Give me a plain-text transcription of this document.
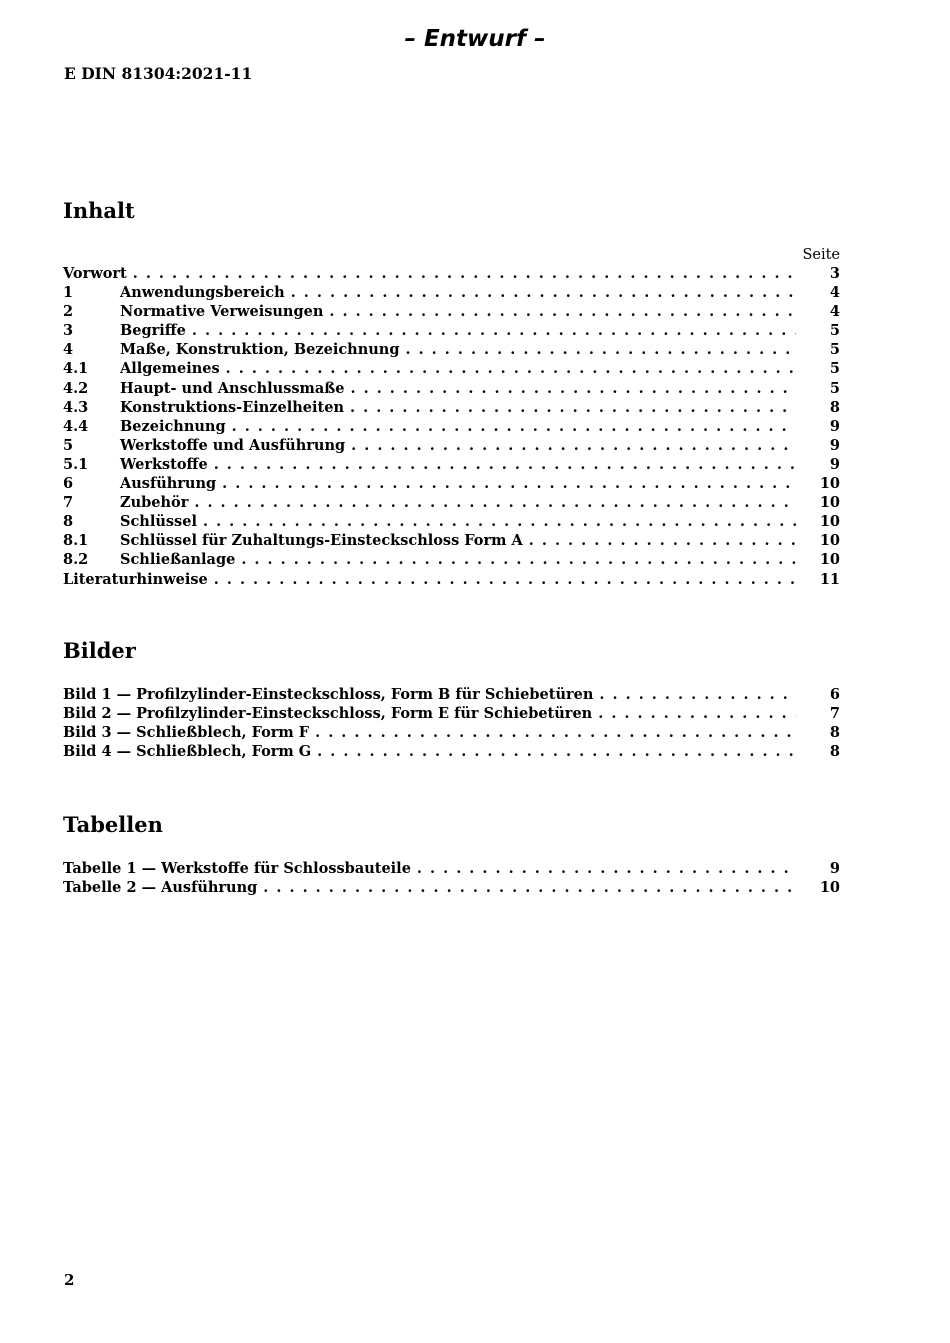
– Entwurf –
E DIN 81304:2021-11
Inhalt
Seite
Vorwort . . .	3
1	Anwendungsbereich . . .	4
2	Normative Verweisungen . . .	4
3	Begriffe . . .	5
4	Maße, Konstruktion, Bezeichnung . . .	5
4.1	Allgemeines . . .	5
4.2	Haupt- und Anschlussmaße . . .	5
4.3	Konstruktions-Einzelheiten . . .	8
4.4	Bezeichnung . . .	9
5	Werkstoffe und Ausführung . . .	9
5.1	Werkstoffe . . .	9
6	Ausführung . . .	10
7	Zubehör . . .	10
8	Schlüssel . . .	10
8.1	Schlüssel für Zuhaltungs-Einsteckschloss Form A . . .	10
8.2	Schließanlage . . .	10
Literaturhinweise . . .	11
Bilder
Bild 1 — Profilzylinder-Einsteckschloss, Form B für Schiebetüren . . .	6
Bild 2 — Profilzylinder-Einsteckschloss, Form E für Schiebetüren . . .	7
Bild 3 — Schließblech, Form F . . .	8
Bild 4 — Schließblech, Form G . . .	8
Tabellen
Tabelle 1 — Werkstoffe für Schlossbauteile . . .	9
Tabelle 2 — Ausführung . . .	10
2
